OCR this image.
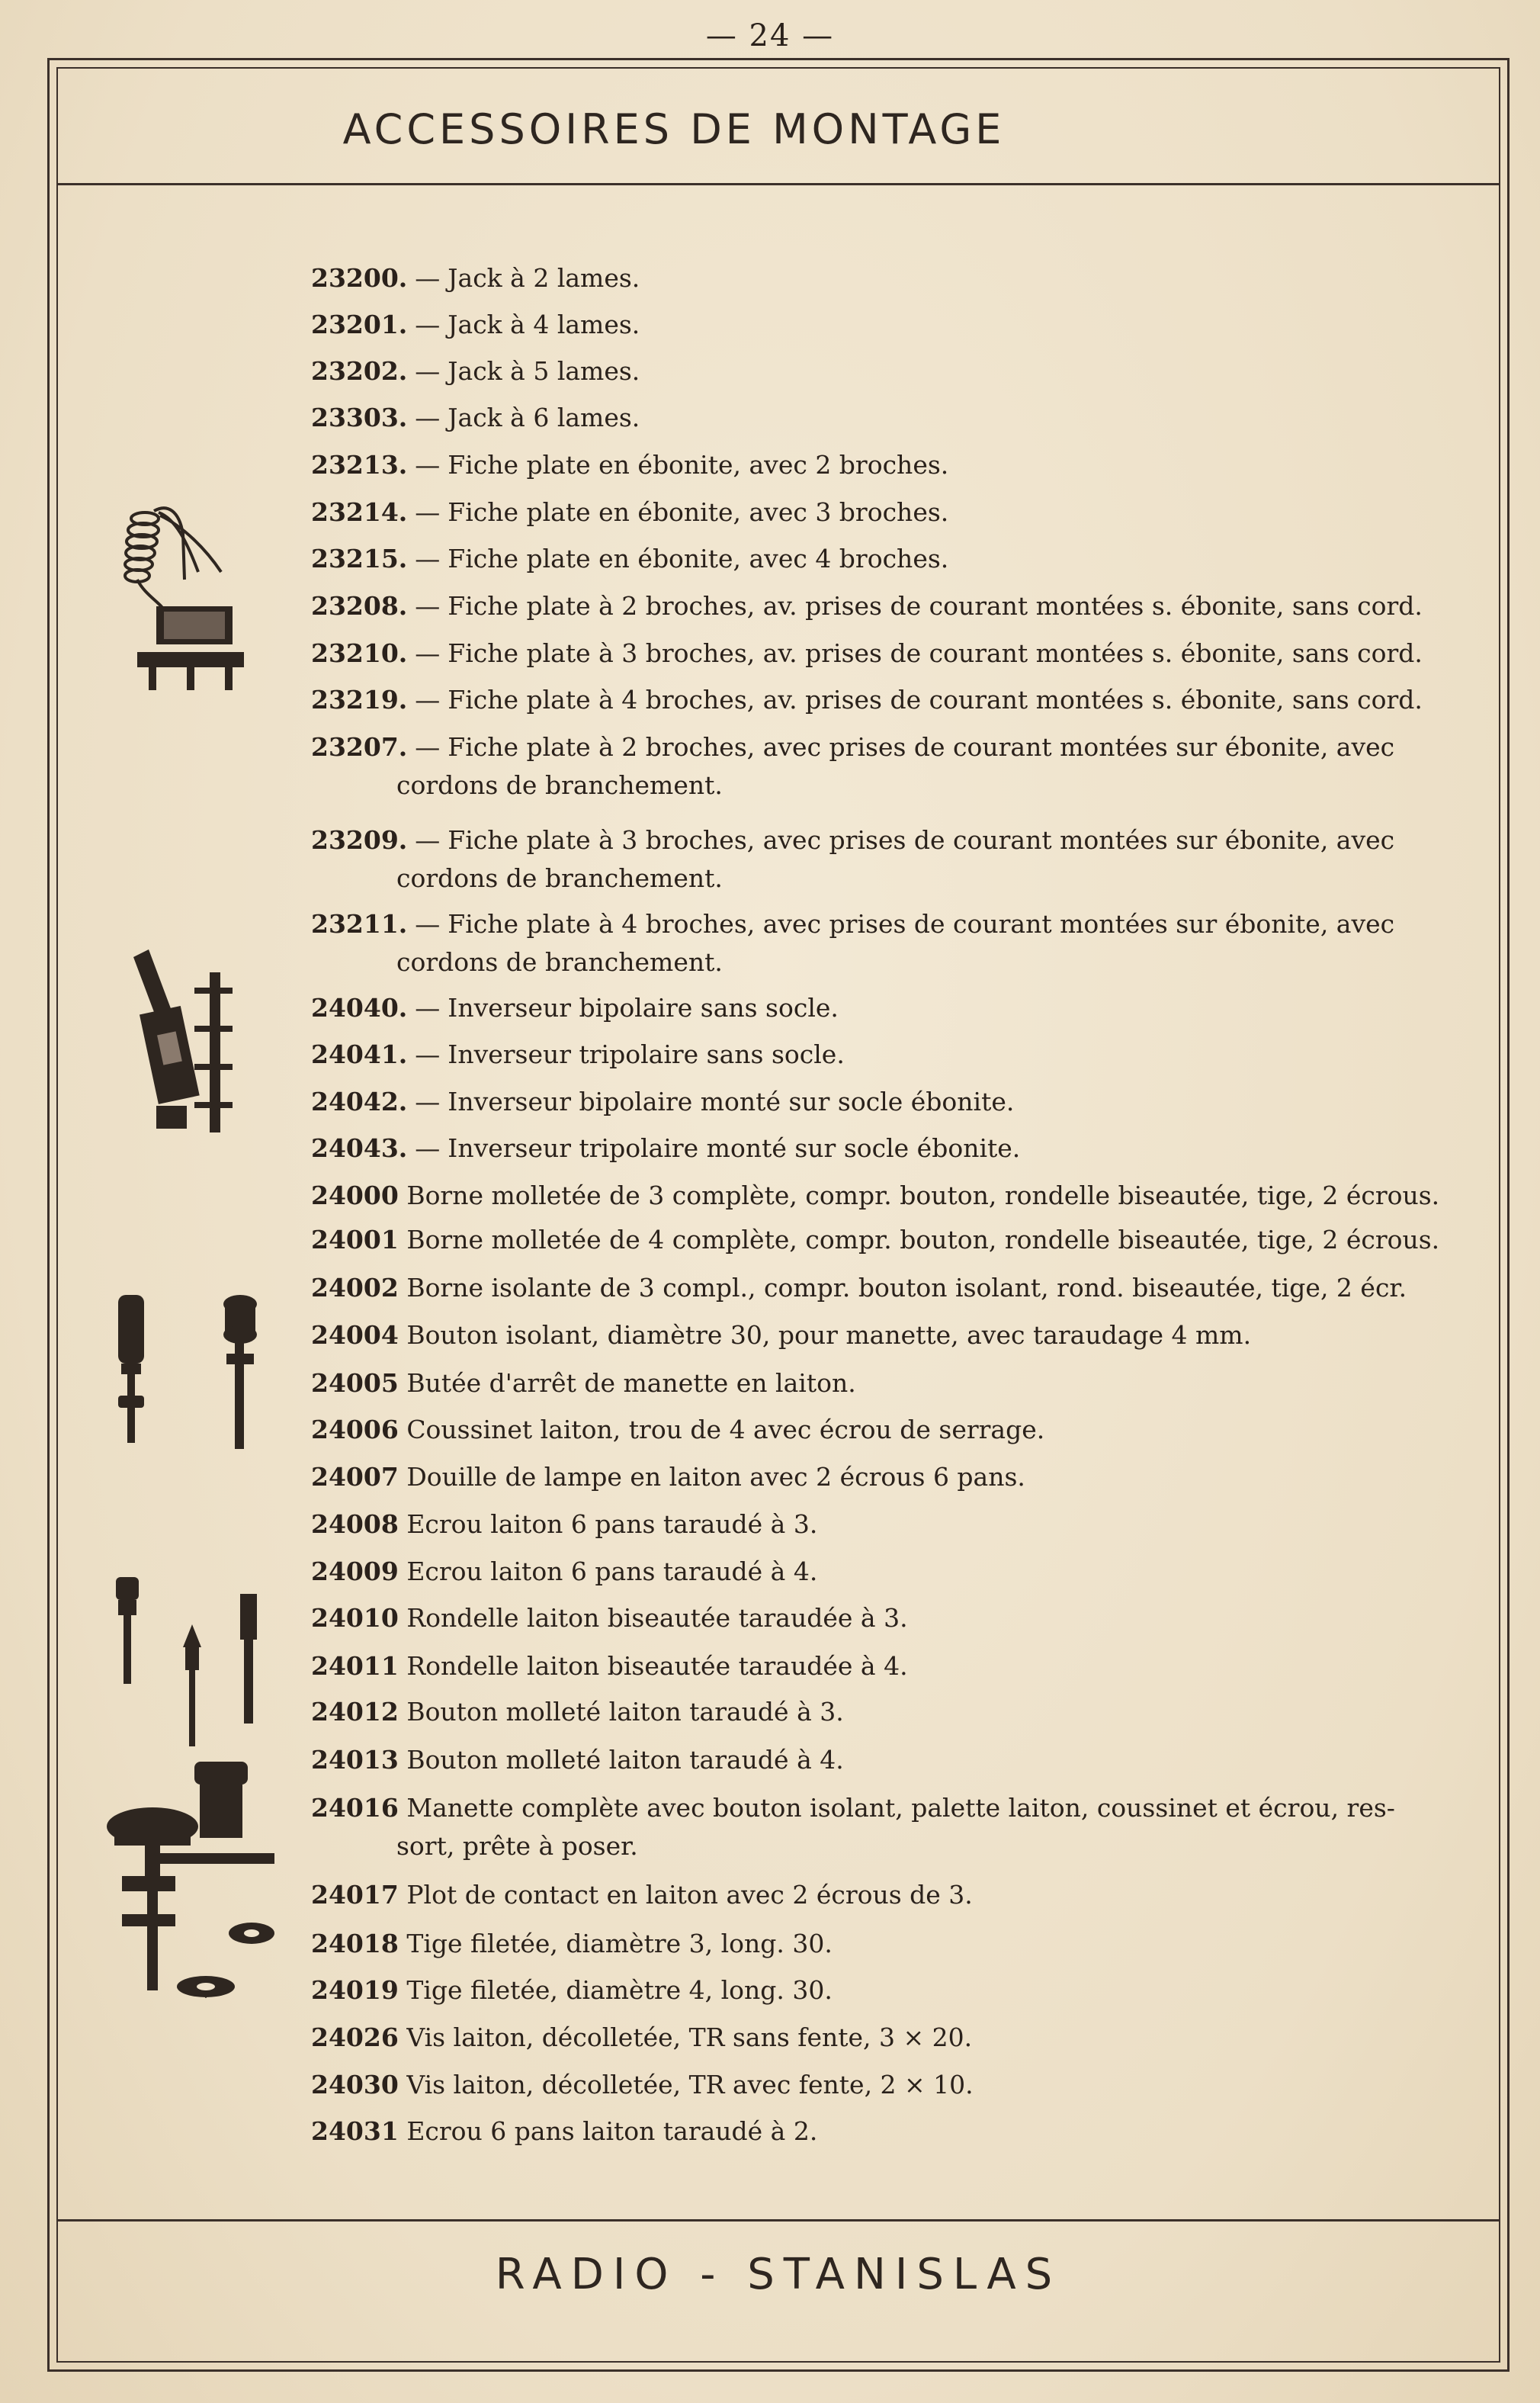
— 24 —
ACCESSOIRES DE MONTAGE
23200. — Jack à 2 lames.
23201. — Jack à 4 lames.
23202. — Jack à 5 lames.
23303. — Jack à 6 lames.
23213. — Fiche plate en ébonite, avec 2 broches.
23214. — Fiche plate en ébonite, avec 3 broches.
23215. — Fiche plate en ébonite, avec 4 broches.
23208. — Fiche plate à 2 broches, av. prises de courant montées s. ébonite, sans cord.
23210. — Fiche plate à 3 broches, av. prises de courant montées s. ébonite, sans cord.
23219. — Fiche plate à 4 broches, av. prises de courant montées s. ébonite, sans cord.
23207. — Fiche plate à 2 broches, avec prises de courant montées sur ébonite, avec
cordons de branchement.
23209. — Fiche plate à 3 broches, avec prises de courant montées sur ébonite, avec
cordons de branchement.
23211. — Fiche plate à 4 broches, avec prises de courant montées sur ébonite, avec
cordons de branchement.
24040. — Inverseur bipolaire sans socle.
24041. — Inverseur tripolaire sans socle.
24042. — Inverseur bipolaire monté sur socle ébonite.
24043. — Inverseur tripolaire monté sur socle ébonite.
24000 Borne molletée de 3 complète, compr. bouton, rondelle biseautée, tige, 2 écrous.
24001 Borne molletée de 4 complète, compr. bouton, rondelle biseautée, tige, 2 écrous.
24002 Borne isolante de 3 compl., compr. bouton isolant, rond. biseautée, tige, 2 écr.
24004 Bouton isolant, diamètre 30, pour manette, avec taraudage 4 mm.
24005 Butée d'arrêt de manette en laiton.
24006 Coussinet laiton, trou de 4 avec écrou de serrage.
24007 Douille de lampe en laiton avec 2 écrous 6 pans.
24008 Ecrou laiton 6 pans taraudé à 3.
24009 Ecrou laiton 6 pans taraudé à 4.
24010 Rondelle laiton biseautée taraudée à 3.
24011 Rondelle laiton biseautée taraudée à 4.
24012 Bouton molleté laiton taraudé à 3.
24013 Bouton molleté laiton taraudé à 4.
24016 Manette complète avec bouton isolant, palette laiton, coussinet et écrou, res-
sort, prête à poser.
24017 Plot de contact en laiton avec 2 écrous de 3.
24018 Tige filetée, diamètre 3, long. 30.
24019 Tige filetée, diamètre 4, long. 30.
24026 Vis laiton, décolletée, TR sans fente, 3 × 20.
24030 Vis laiton, décolletée, TR avec fente, 2 × 10.
24031 Ecrou 6 pans laiton taraudé à 2.
RADIO - STANISLAS
